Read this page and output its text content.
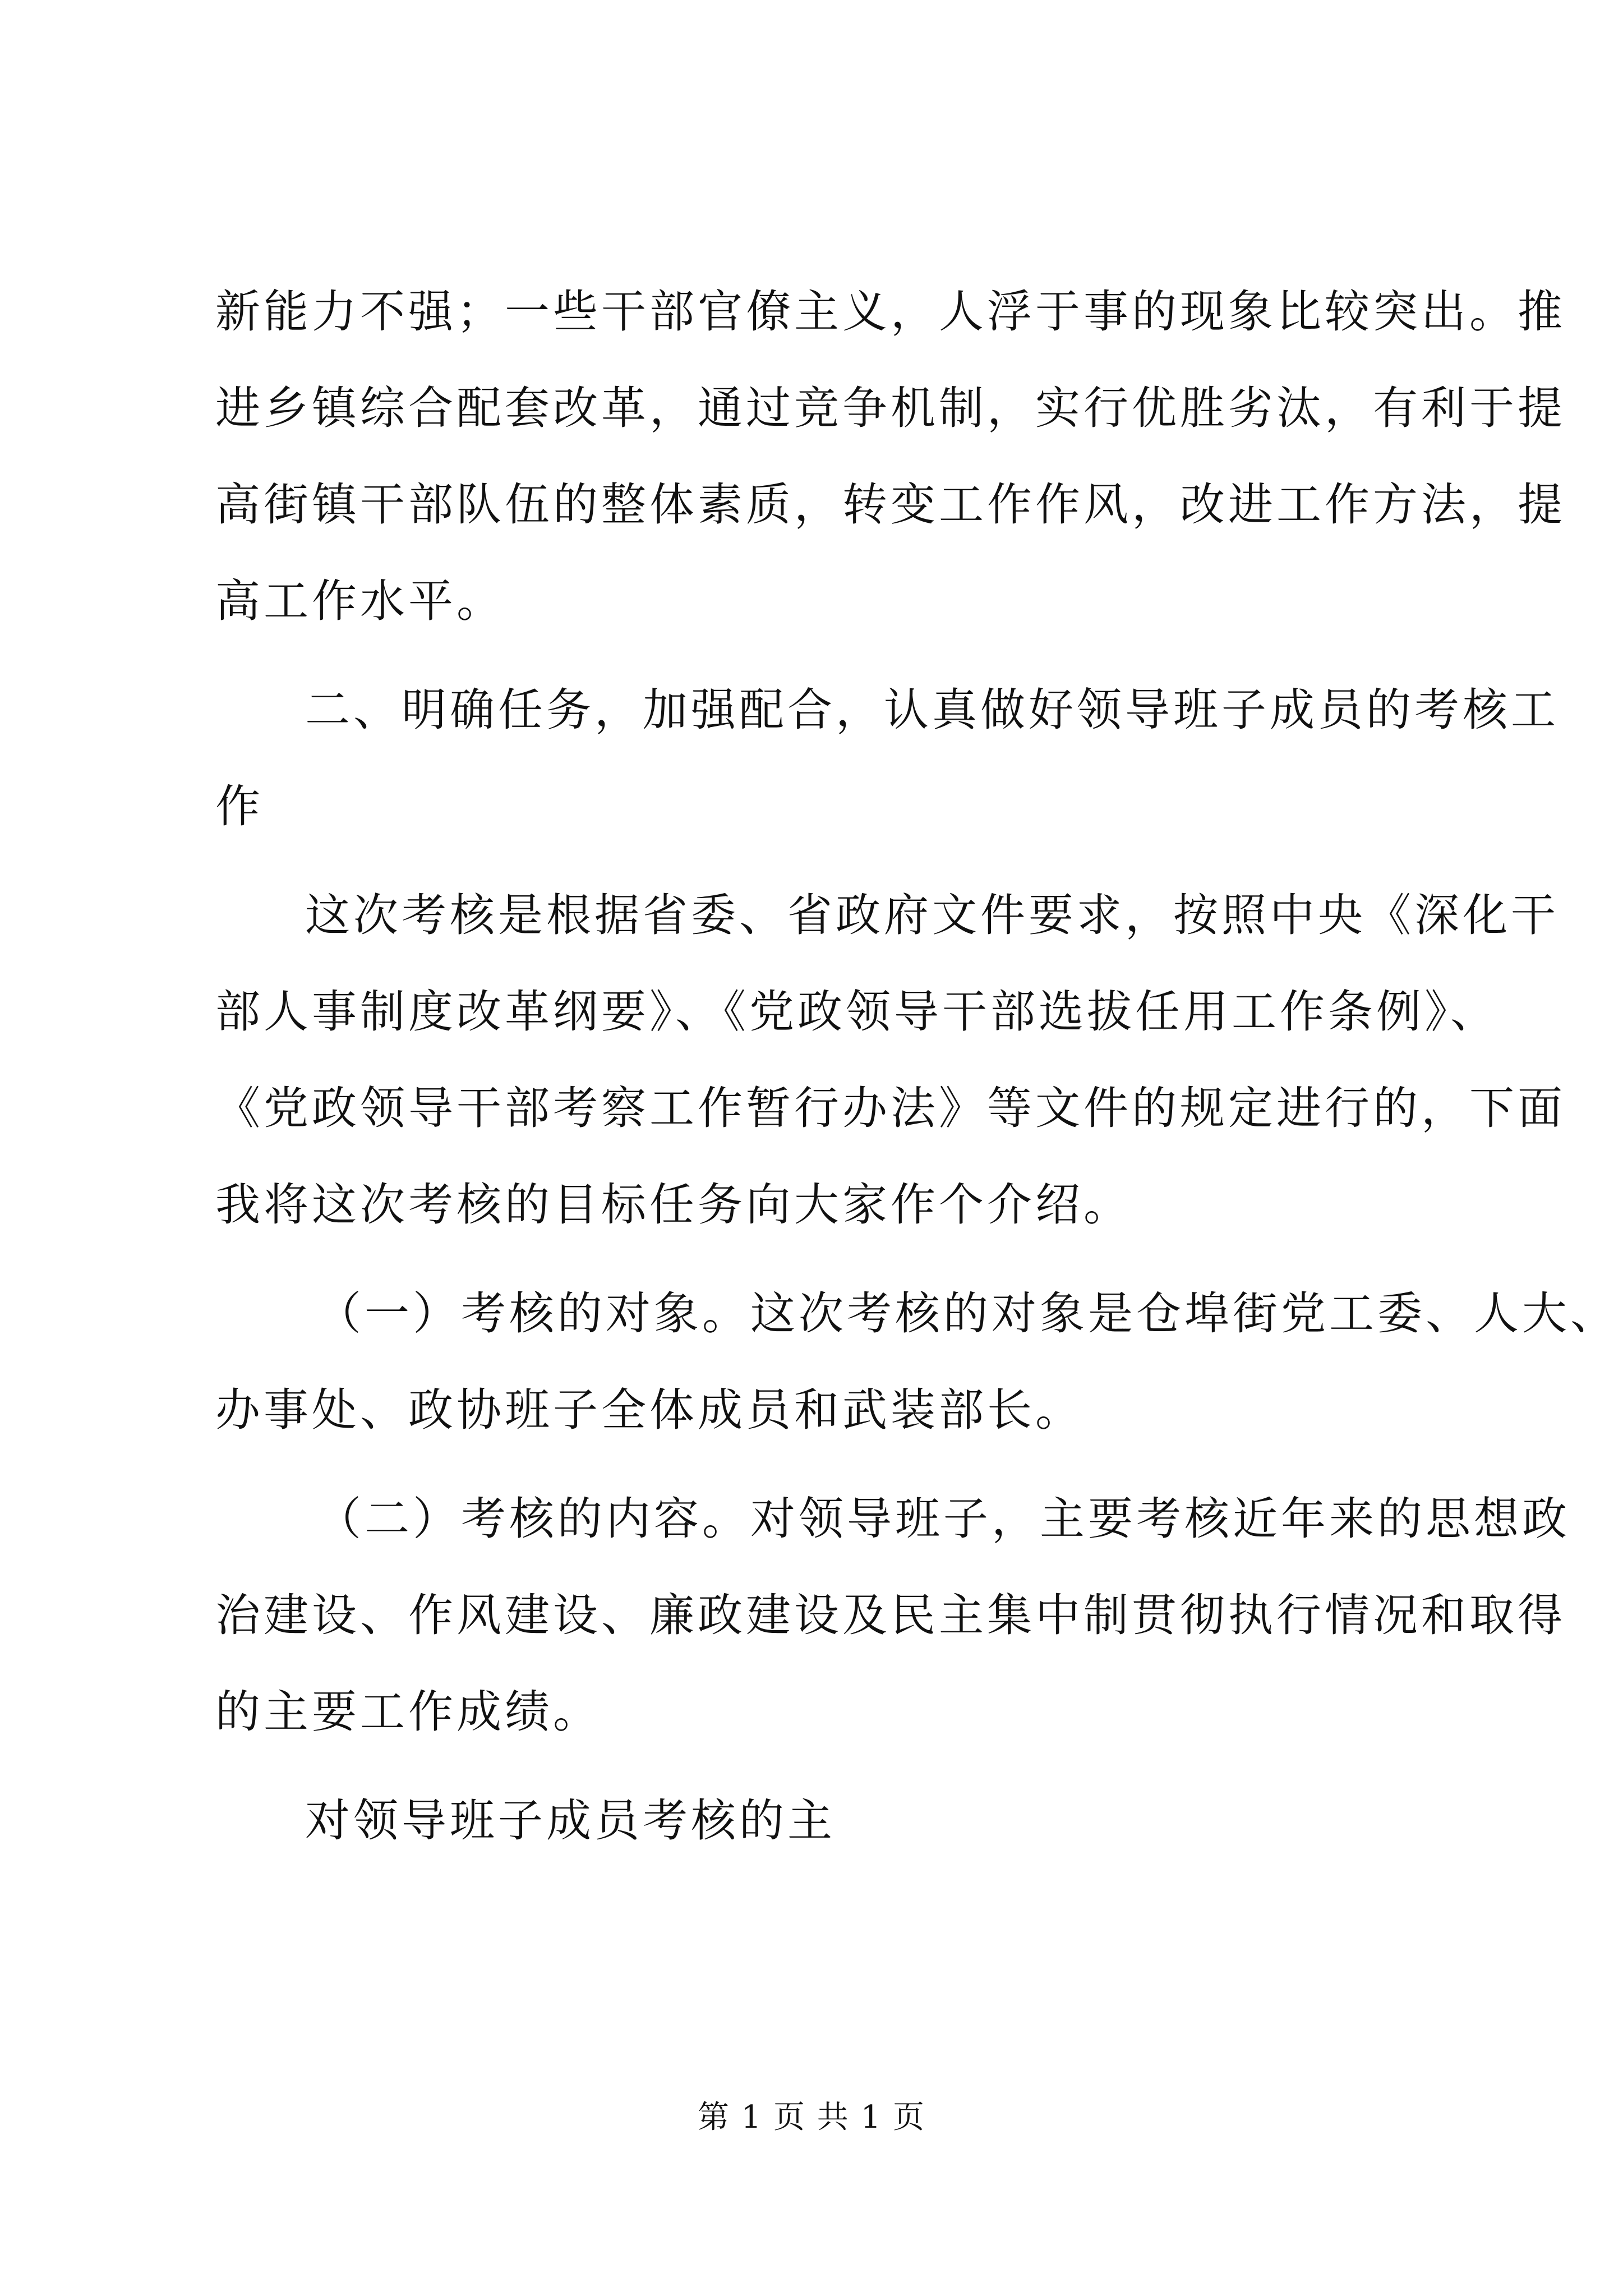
新能力不强；一些干部官僚主义，人浮于事的现象比较突出。推
进乡镇综合配套改革，通过竞争机制，实行优胜劣汰，有利于提
高街镇干部队伍的整体素质，转变工作作风，改进工作方法，提
高工作水平。
二、明确任务，加强配合，认真做好领导班子成员的考核工
作
这次考核是根据省委、省政府文件要求，按照中央《深化干
部人事制度改革纲要》、《党政领导干部选拔任用工作条例》、
《党政领导干部考察工作暂行办法》等文件的规定进行的，下面
我将这次考核的目标任务向大家作个介绍。
（一）考核的对象。这次考核的对象是仓埠街党工委、人大、
办事处、政协班子全体成员和武装部长。
（二）考核的内容。对领导班子，主要考核近年来的思想政
治建设、作风建设、廉政建设及民主集中制贯彻执行情况和取得
的主要工作成绩。
对领导班子成员考核的主
第 1 页 共 1 页
